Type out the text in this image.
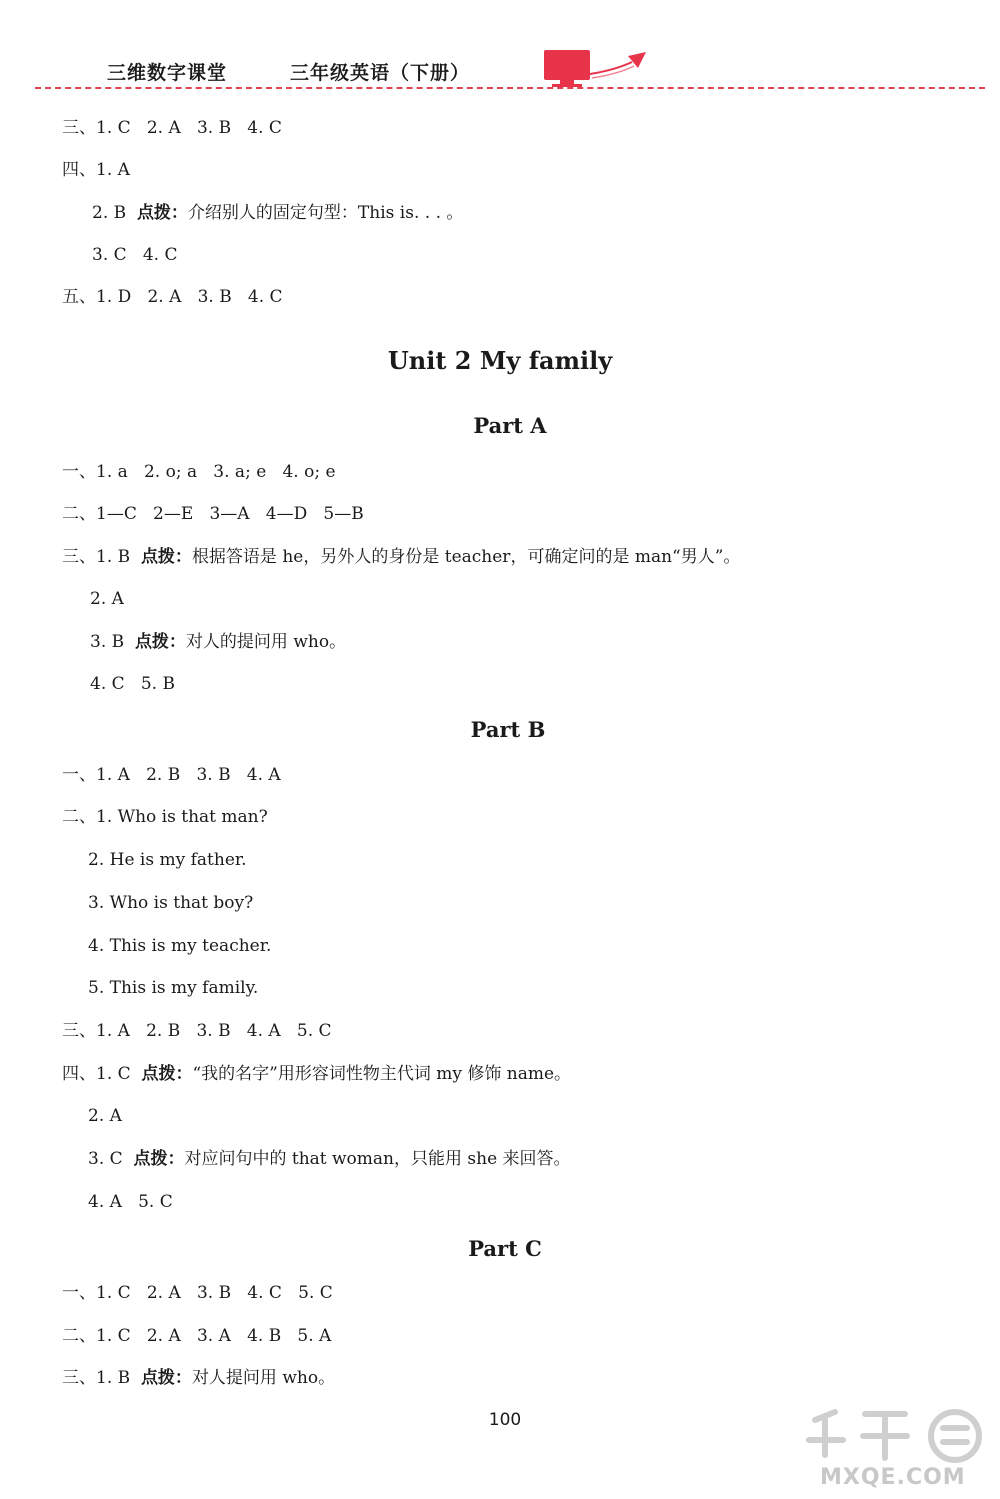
三维数字课堂	三年级英语（下册）
三、1. C   2. A   3. B   4. C
四、1. A
2. B  点拨：介绍别人的固定句型：This is. . . 。
3. C   4. C
五、1. D   2. A   3. B   4. C
Unit 2 My family
Part A
一、1. a   2. o; a   3. a; e   4. o; e
二、1—C   2—E   3—A   4—D   5—B
三、1. B  点拨：根据答语是 he，另外人的身份是 teacher，可确定问的是 man“男人”。
2. A
3. B  点拨：对人的提问用 who。
4. C   5. B
Part B
一、1. A   2. B   3. B   4. A
二、1. Who is that man?
2. He is my father.
3. Who is that boy?
4. This is my teacher.
5. This is my family.
三、1. A   2. B   3. B   4. A   5. C
四、1. C  点拨：“我的名字”用形容词性物主代词 my 修饰 name。
2. A
3. C  点拨：对应问句中的 that woman，只能用 she 来回答。
4. A   5. C
Part C
一、1. C   2. A   3. B   4. C   5. C
二、1. C   2. A   3. A   4. B   5. A
三、1. B  点拨：对人提问用 who。
100
MXQE.COM
